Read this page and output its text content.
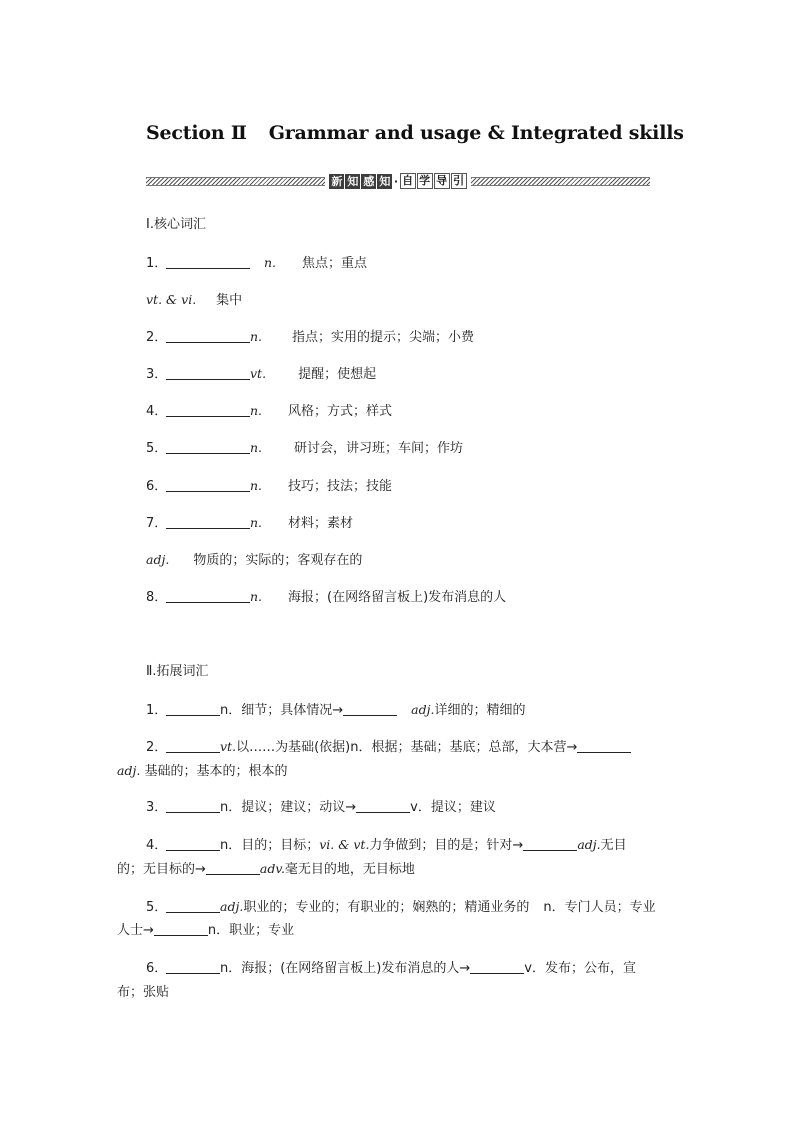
Section Ⅱ Grammar and usage & Integrated skills
新 知 感 知 · 自 学 导 引
Ⅰ.核心词汇
1．	n. 焦点；重点
vt. & vi. 集中
2．	n. 指点；实用的提示；尖端；小费
3．	vt. 提醒；使想起
4．	n. 风格；方式；样式
5．	n. 研讨会，讲习班；车间；作坊
6．	n. 技巧；技法；技能
7．	n. 材料；素材
adj. 物质的；实际的；客观存在的
8．	n. 海报；(在网络留言板上)发布消息的人
Ⅱ.拓展词汇
1．	n．细节；具体情况→	adj.详细的；精细的
2．	vt.以……为基础(依据)n．根据；基础；基底；总部，大本营→
adj. 基础的；基本的；根本的
3．	n．提议；建议；动议→	v．提议；建议
4．	n．目的；目标；vi. & vt.力争做到；目的是；针对→	adj.无目
的；无目标的→	adv.毫无目的地，无目标地
5．	adj.职业的；专业的；有职业的；娴熟的；精通业务的 n．专门人员；专业
人士→	n．职业；专业
6．	n．海报；(在网络留言板上)发布消息的人→	v．发布；公布，宣
布；张贴
